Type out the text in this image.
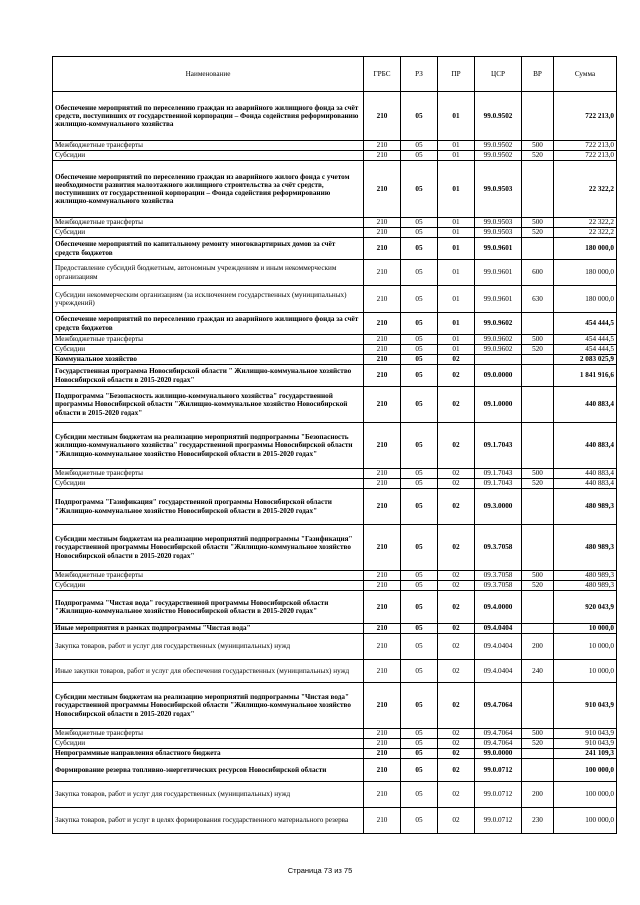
Наименование	ГРБС	РЗ	ПР	ЦСР	ВР	Сумма
Обеспечение мероприятий по переселению граждан из аварийного жилищного фонда за счёт средств, поступивших от государственной корпорации – Фонда содействия реформированию жилищно-коммунального хозяйства	210	05	01	99.0.9502		722 213,0
Межбюджетные трансферты	210	05	01	99.0.9502	500	722 213,0
Субсидии	210	05	01	99.0.9502	520	722 213,0
Обеспечение мероприятий по переселению граждан из аварийного жилого фонда с учетом необходимости развития малоэтажного жилищного строительства за счёт средств, поступивших от государственной корпорации – Фонда содействия реформированию жилищно-коммунального хозяйства	210	05	01	99.0.9503		22 322,2
Межбюджетные трансферты	210	05	01	99.0.9503	500	22 322,2
Субсидии	210	05	01	99.0.9503	520	22 322,2
Обеспечение мероприятий по капитальному ремонту многоквартирных домов за счёт средств бюджетов	210	05	01	99.0.9601		180 000,0
Предоставление субсидий бюджетным, автономным учреждениям и иным некоммерческим организациям	210	05	01	99.0.9601	600	180 000,0
Субсидии некоммерческим организациям (за исключением государственных (муниципальных) учреждений)	210	05	01	99.0.9601	630	180 000,0
Обеспечение мероприятий по переселению граждан из аварийного жилищного фонда за счёт средств бюджетов	210	05	01	99.0.9602		454 444,5
Межбюджетные трансферты	210	05	01	99.0.9602	500	454 444,5
Субсидии	210	05	01	99.0.9602	520	454 444,5
Коммунальное хозяйство	210	05	02			2 083 025,9
Государственная программа Новосибирской области " Жилищно-коммунальное хозяйство Новосибирской области в 2015-2020 годах"	210	05	02	09.0.0000		1 841 916,6
Подпрограмма "Безопасность жилищно-коммунального хозяйства" государственной программы Новосибирской области "Жилищно-коммунальное хозяйство Новосибирской области в 2015-2020 годах"	210	05	02	09.1.0000		440 883,4
Субсидии местным бюджетам на реализацию мероприятий подпрограммы "Безопасность жилищно-коммунального хозяйства" государственной программы Новосибирской области "Жилищно-коммунальное хозяйство Новосибирской области в 2015-2020 годах"	210	05	02	09.1.7043		440 883,4
Межбюджетные трансферты	210	05	02	09.1.7043	500	440 883,4
Субсидии	210	05	02	09.1.7043	520	440 883,4
Подпрограмма "Газификация" государственной программы Новосибирской области "Жилищно-коммунальное хозяйство Новосибирской области в 2015-2020 годах"	210	05	02	09.3.0000		480 989,3
Субсидии местным бюджетам на реализацию мероприятий подпрограммы "Газификация" государственной программы Новосибирской области "Жилищно-коммунальное хозяйство Новосибирской области в 2015-2020 годах"	210	05	02	09.3.7058		480 989,3
Межбюджетные трансферты	210	05	02	09.3.7058	500	480 989,3
Субсидии	210	05	02	09.3.7058	520	480 989,3
Подпрограмма "Чистая вода" государственной программы Новосибирской области "Жилищно-коммунальное хозяйство Новосибирской области в 2015-2020 годах"	210	05	02	09.4.0000		920 043,9
Иные мероприятия в рамках подпрограммы "Чистая вода"	210	05	02	09.4.0404		10 000,0
Закупка товаров, работ и услуг для государственных (муниципальных) нужд	210	05	02	09.4.0404	200	10 000,0
Иные закупки товаров, работ и услуг для обеспечения государственных (муниципальных) нужд	210	05	02	09.4.0404	240	10 000,0
Субсидии местным бюджетам на реализацию мероприятий подпрограммы "Чистая вода" государственной программы Новосибирской области "Жилищно-коммунальное хозяйство Новосибирской области в 2015-2020 годах"	210	05	02	09.4.7064		910 043,9
Межбюджетные трансферты	210	05	02	09.4.7064	500	910 043,9
Субсидии	210	05	02	09.4.7064	520	910 043,9
Непрограммные направления областного бюджета	210	05	02	99.0.0000		241 109,3
Формирование резерва топливно-энергетических ресурсов Новосибирской области	210	05	02	99.0.0712		100 000,0
Закупка товаров, работ и услуг для государственных (муниципальных) нужд	210	05	02	99.0.0712	200	100 000,0
Закупка товаров, работ и услуг в целях формирования государственного материального резерва	210	05	02	99.0.0712	230	100 000,0
Страница 73 из 75
